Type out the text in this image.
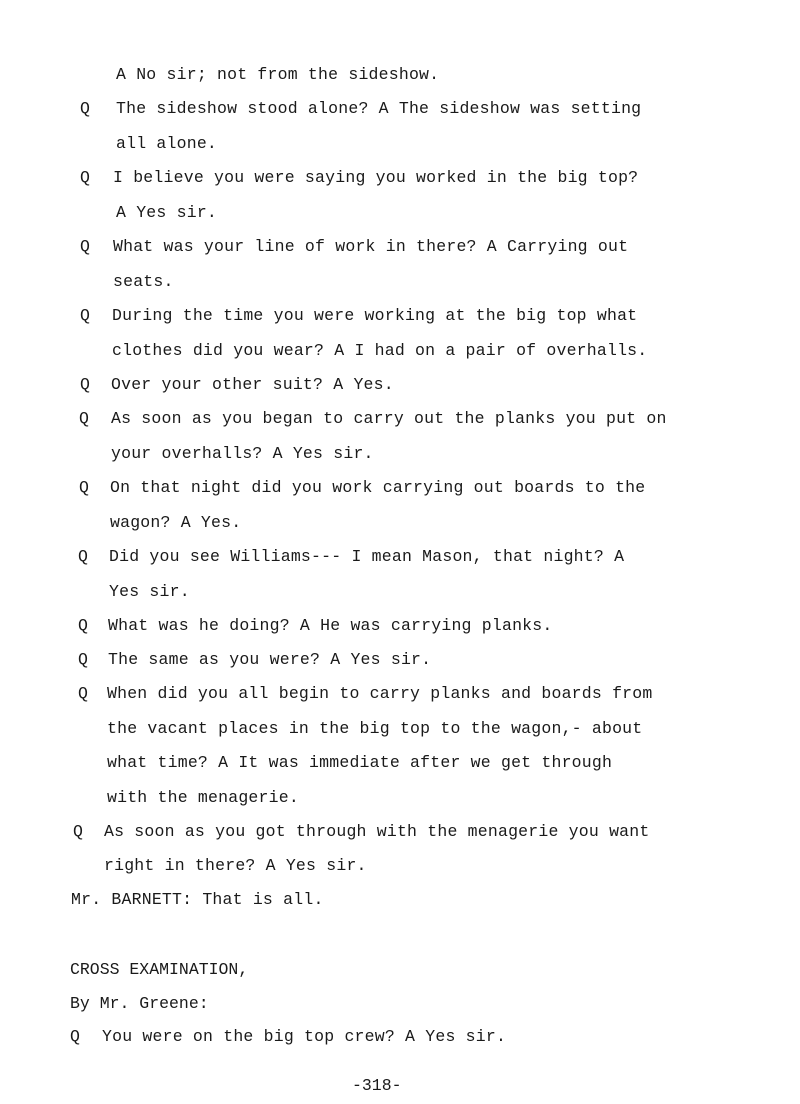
A No sir; not from the sideshow.
Q The sideshow stood alone? A The sideshow was setting
all alone.
Q I believe you were saying you worked in the big top?
A Yes sir.
Q What was your line of work in there? A Carrying out
seats.
Q During the time you were working at the big top what
clothes did you wear? A I had on a pair of overhalls.
Q Over your other suit? A Yes.
Q As soon as you began to carry out the planks you put on
your overhalls? A Yes sir.
Q On that night did you work carrying out boards to the
wagon? A Yes.
Q Did you see Williams--- I mean Mason, that night? A
Yes sir.
Q What was he doing? A He was carrying planks.
Q The same as you were? A Yes sir.
Q When did you all begin to carry planks and boards from
the vacant places in the big top to the wagon,- about
what time? A It was immediate after we get through
with the menagerie.
Q As soon as you got through with the menagerie you want
right in there? A Yes sir.
Mr. BARNETT: That is all.
CROSS EXAMINATION,
By Mr. Greene:
Q You were on the big top crew? A Yes sir.
-318-
